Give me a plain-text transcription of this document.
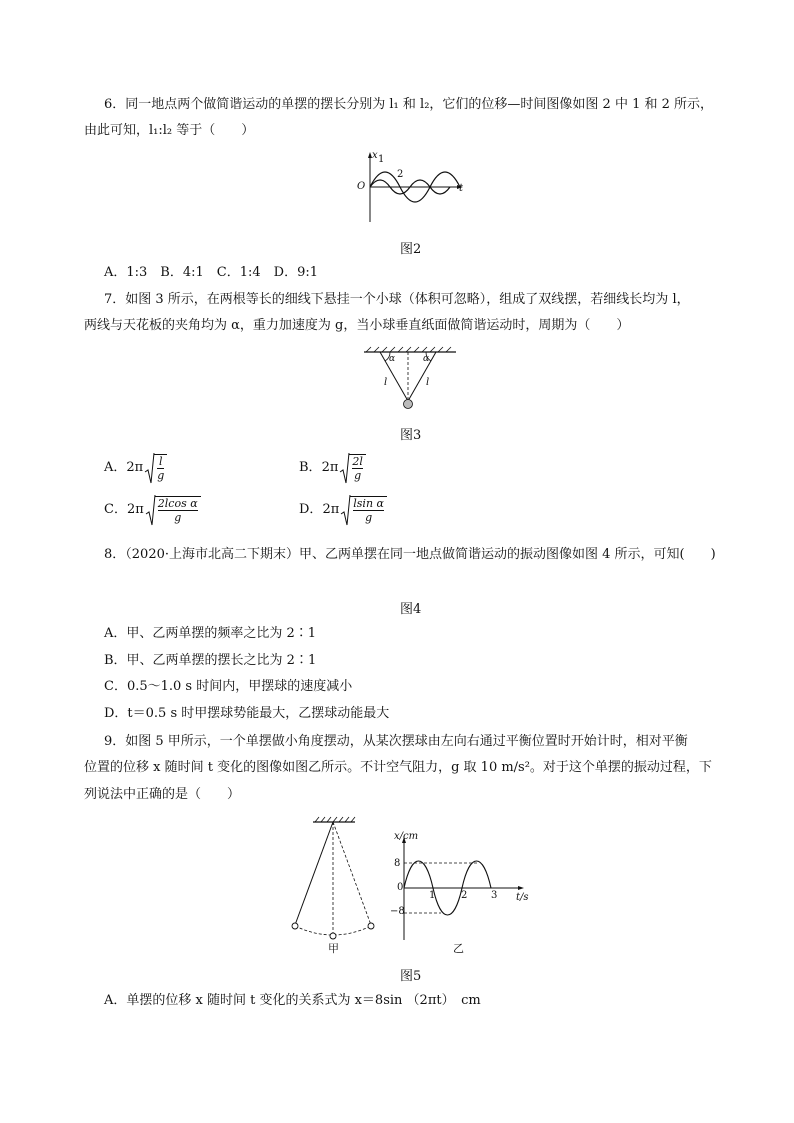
6．同一地点两个做简谐运动的单摆的摆长分别为 l₁ 和 l₂，它们的位移—时间图像如图 2 中 1 和 2 所示，
由此可知，l₁:l₂ 等于（　　）
x
O
1
2
t
图2
A．1:3　B．4:1　C．1:4　D．9:1
7．如图 3 所示，在两根等长的细线下悬挂一个小球（体积可忽略），组成了双线摆，若细线长均为 l，
两线与天花板的夹角均为 α，重力加速度为 g，当小球垂直纸面做简谐运动时，周期为（　　）
α	α
l	l
图3
A． $2\pi \frac{l}{g}$	B． $2\pi \frac{2l}{g}$
C． $2\pi \frac{\text{2lcos α}}{g}$	D． $2\pi \frac{\text{lsin α}}{g}$
8．（2020·上海市北高二下期末）甲、乙两单摆在同一地点做简谐运动的振动图像如图 4 所示，可知(　　)
图4
A．甲、乙两单摆的频率之比为 2∶1
B．甲、乙两单摆的摆长之比为 2∶1
C．0.5～1.0 s 时间内，甲摆球的速度减小
D．t＝0.5 s 时甲摆球势能最大，乙摆球动能最大
9．如图 5 甲所示，一个单摆做小角度摆动，从某次摆球由左向右通过平衡位置时开始计时，相对平衡
位置的位移 x 随时间 t 变化的图像如图乙所示。不计空气阻力，g 取 10 m/s²。对于这个单摆的振动过程，下
列说法中正确的是（　　）
甲
x/cm
8
0
−8
1	2 3 t/s
乙
图5
A．单摆的位移 x 随时间 t 变化的关系式为 x＝8sin （2πt）　cm
